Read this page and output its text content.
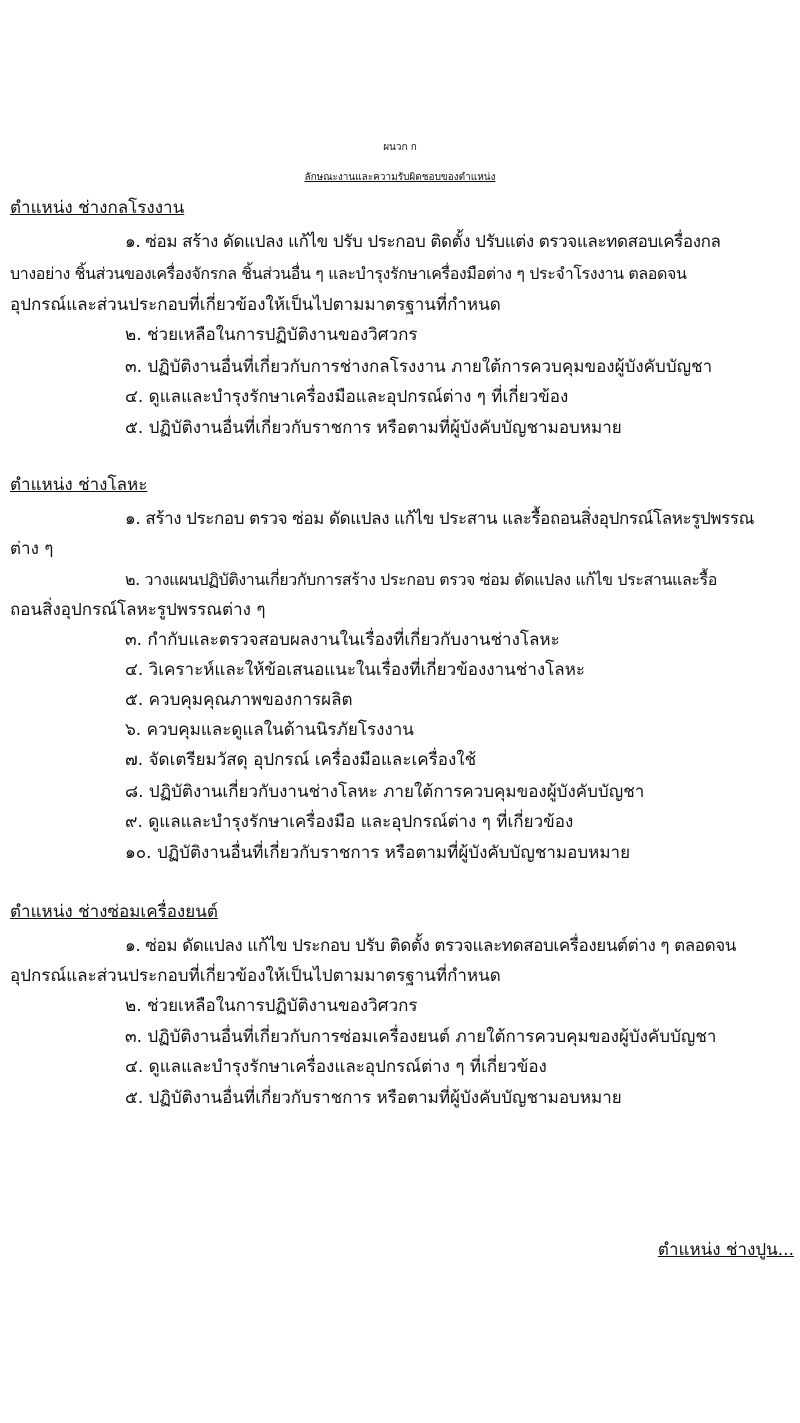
ผนวก ก
ลักษณะงานและความรับผิดชอบของตำแหน่ง
ตำแหน่ง ช่างกลโรงงาน
๑. ซ่อม สร้าง ดัดแปลง แก้ไข ปรับ ประกอบ ติดตั้ง ปรับแต่ง ตรวจและทดสอบเครื่องกล
บางอย่าง ชิ้นส่วนของเครื่องจักรกล ชิ้นส่วนอื่น ๆ และบำรุงรักษาเครื่องมือต่าง ๆ ประจำโรงงาน ตลอดจน
อุปกรณ์และส่วนประกอบที่เกี่ยวข้องให้เป็นไปตามมาตรฐานที่กำหนด
๒. ช่วยเหลือในการปฏิบัติงานของวิศวกร
๓. ปฏิบัติงานอื่นที่เกี่ยวกับการช่างกลโรงงาน ภายใต้การควบคุมของผู้บังคับบัญชา
๔. ดูแลและบำรุงรักษาเครื่องมือและอุปกรณ์ต่าง ๆ ที่เกี่ยวข้อง
๕. ปฏิบัติงานอื่นที่เกี่ยวกับราชการ หรือตามที่ผู้บังคับบัญชามอบหมาย
ตำแหน่ง ช่างโลหะ
๑. สร้าง ประกอบ ตรวจ ซ่อม ดัดแปลง แก้ไข ประสาน และรื้อถอนสิ่งอุปกรณ์โลหะรูปพรรณ
ต่าง ๆ
๒. วางแผนปฏิบัติงานเกี่ยวกับการสร้าง ประกอบ ตรวจ ซ่อม ดัดแปลง แก้ไข ประสานและรื้อ
ถอนสิ่งอุปกรณ์โลหะรูปพรรณต่าง ๆ
๓. กำกับและตรวจสอบผลงานในเรื่องที่เกี่ยวกับงานช่างโลหะ
๔. วิเคราะห์และให้ข้อเสนอแนะในเรื่องที่เกี่ยวข้องงานช่างโลหะ
๕. ควบคุมคุณภาพของการผลิต
๖. ควบคุมและดูแลในด้านนิรภัยโรงงาน
๗. จัดเตรียมวัสดุ อุปกรณ์ เครื่องมือและเครื่องใช้
๘. ปฏิบัติงานเกี่ยวกับงานช่างโลหะ ภายใต้การควบคุมของผู้บังคับบัญชา
๙. ดูแลและบำรุงรักษาเครื่องมือ และอุปกรณ์ต่าง ๆ ที่เกี่ยวข้อง
๑๐. ปฏิบัติงานอื่นที่เกี่ยวกับราชการ หรือตามที่ผู้บังคับบัญชามอบหมาย
ตำแหน่ง ช่างซ่อมเครื่องยนต์
๑. ซ่อม ดัดแปลง แก้ไข ประกอบ ปรับ ติดตั้ง ตรวจและทดสอบเครื่องยนต์ต่าง ๆ ตลอดจน
อุปกรณ์และส่วนประกอบที่เกี่ยวข้องให้เป็นไปตามมาตรฐานที่กำหนด
๒. ช่วยเหลือในการปฏิบัติงานของวิศวกร
๓. ปฏิบัติงานอื่นที่เกี่ยวกับการซ่อมเครื่องยนต์ ภายใต้การควบคุมของผู้บังคับบัญชา
๔. ดูแลและบำรุงรักษาเครื่องและอุปกรณ์ต่าง ๆ ที่เกี่ยวข้อง
๕. ปฏิบัติงานอื่นที่เกี่ยวกับราชการ หรือตามที่ผู้บังคับบัญชามอบหมาย
ตำแหน่ง ช่างปูน...
